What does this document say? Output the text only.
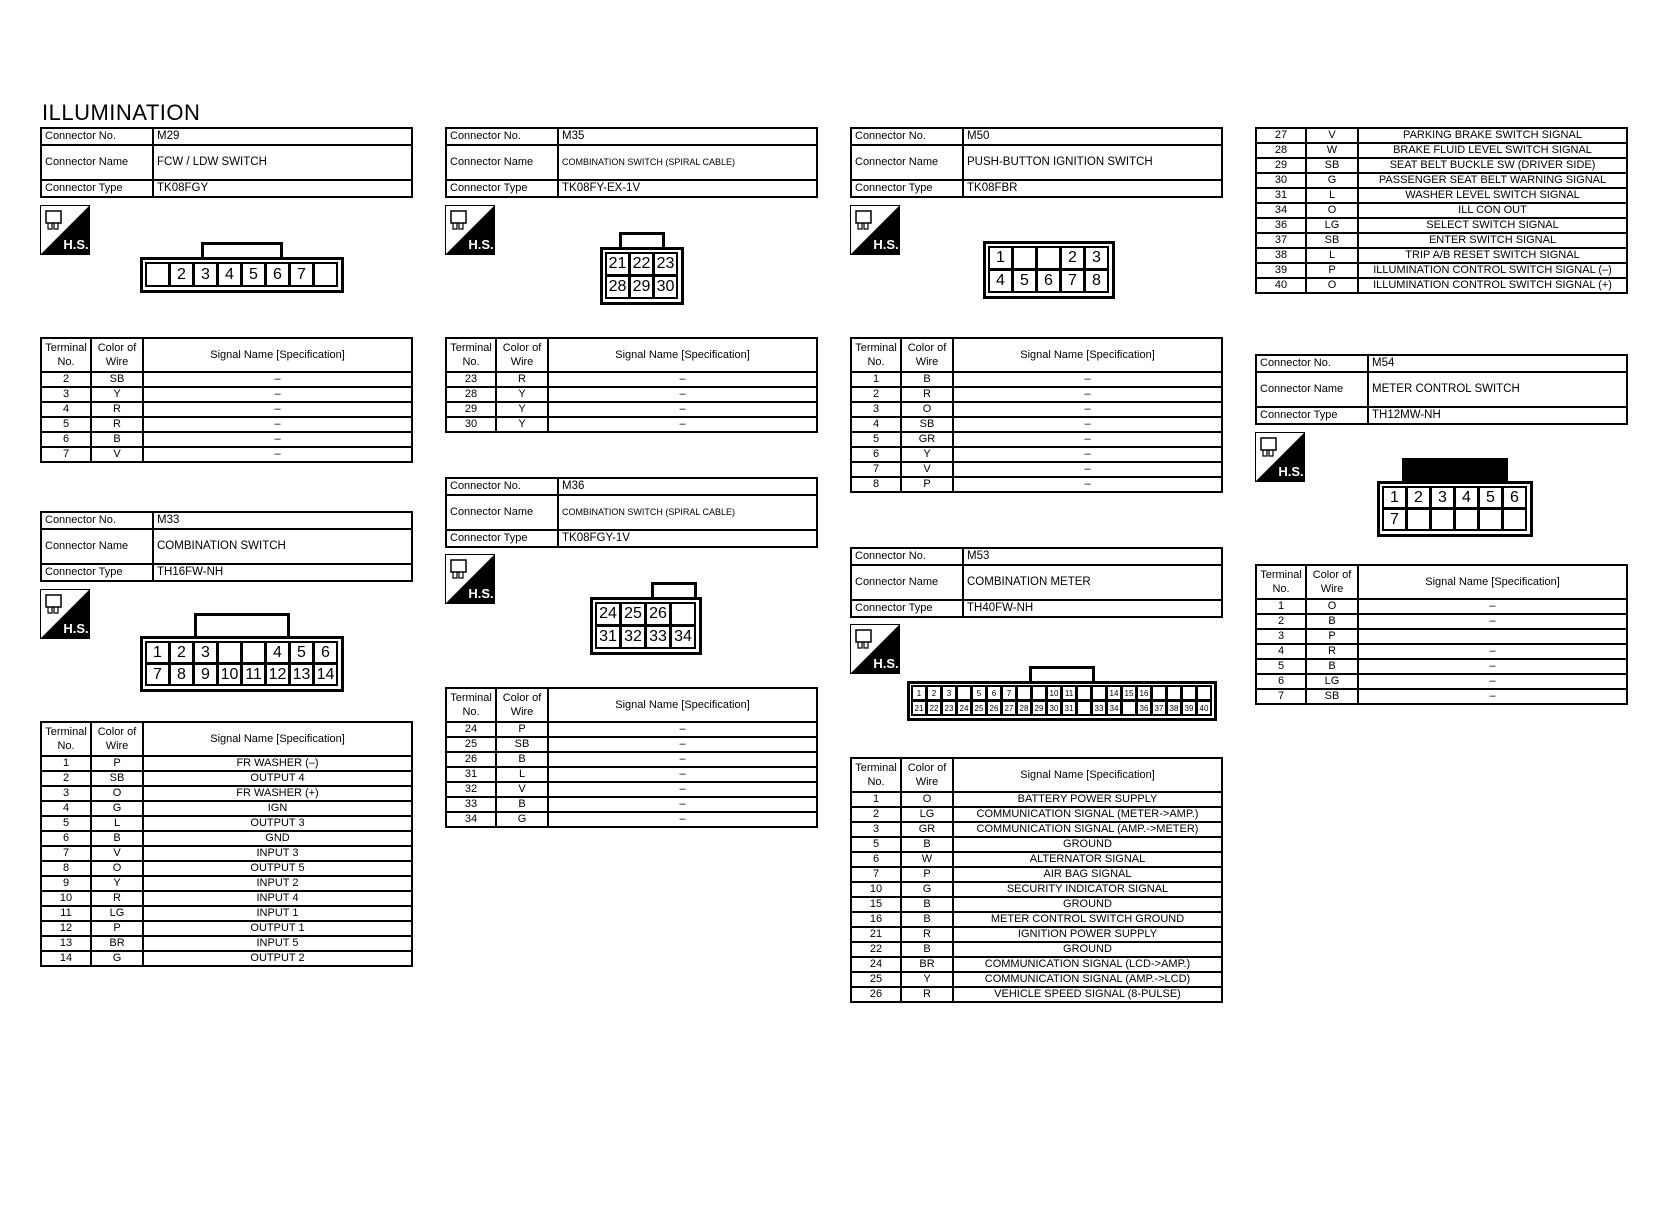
ILLUMINATION
Connector No.	M29
Connector Name	FCW / LDW SWITCH
Connector Type	TK08FGY
H.S.
2 3 4 5 6 7
Terminal No.	Color of Wire	Signal Name [Specification]
2	SB	–
3	Y	–
4	R	–
5	R	–
6	B	–
7	V	–
Connector No.	M33
Connector Name	COMBINATION SWITCH
Connector Type	TH16FW-NH
H.S.
1 2 3	4 5 6
7 8 9 10 11 12 13 14
Terminal No.	Color of Wire	Signal Name [Specification]
1	P	FR WASHER (–)
2	SB	OUTPUT 4
3	O	FR WASHER (+)
4	G	IGN
5	L	OUTPUT 3
6	B	GND
7	V	INPUT 3
8	O	OUTPUT 5
9	Y	INPUT 2
10	R	INPUT 4
11	LG	INPUT 1
12	P	OUTPUT 1
13	BR	INPUT 5
14	G	OUTPUT 2
Connector No.	M35
Connector Name	COMBINATION SWITCH (SPIRAL CABLE)
Connector Type	TK08FY-EX-1V
H.S.
21 22 23
28 29 30
Terminal No.	Color of Wire	Signal Name [Specification]
23	R	–
28	Y	–
29	Y	–
30	Y	–
Connector No.	M36
Connector Name	COMBINATION SWITCH (SPIRAL CABLE)
Connector Type	TK08FGY-1V
H.S.
24 25 26
31 32 33 34
Terminal No.	Color of Wire	Signal Name [Specification]
24	P	–
25	SB	–
26	B	–
31	L	–
32	V	–
33	B	–
34	G	–
Connector No.	M50
Connector Name	PUSH-BUTTON IGNITION SWITCH
Connector Type	TK08FBR
H.S.
1	2 3
4 5 6 7 8
Terminal No.	Color of Wire	Signal Name [Specification]
1	B	–
2	R	–
3	O	–
4	SB	–
5	GR	–
6	Y	–
7	V	–
8	P	–
Connector No.	M53
Connector Name	COMBINATION METER
Connector Type	TH40FW-NH
H.S.
1	2	3	5	6	7	10 11	14 15 16
21 22 23 24 25 26 27 28 29 30 31	33 34	36 37 38 39 40
Terminal No.	Color of Wire	Signal Name [Specification]
1	O	BATTERY POWER SUPPLY
2	LG	COMMUNICATION SIGNAL (METER->AMP.)
3	GR	COMMUNICATION SIGNAL (AMP.->METER)
5	B	GROUND
6	W	ALTERNATOR SIGNAL
7	P	AIR BAG SIGNAL
10	G	SECURITY INDICATOR SIGNAL
15	B	GROUND
16	B	METER CONTROL SWITCH GROUND
21	R	IGNITION POWER SUPPLY
22	B	GROUND
24	BR	COMMUNICATION SIGNAL (LCD->AMP.)
25	Y	COMMUNICATION SIGNAL (AMP.->LCD)
26	R	VEHICLE SPEED SIGNAL (8-PULSE)
27	V	PARKING BRAKE SWITCH SIGNAL
28	W	BRAKE FLUID LEVEL SWITCH SIGNAL
29	SB	SEAT BELT BUCKLE SW (DRIVER SIDE)
30	G	PASSENGER SEAT BELT WARNING SIGNAL
31	L	WASHER LEVEL SWITCH SIGNAL
34	O	ILL CON OUT
36	LG	SELECT SWITCH SIGNAL
37	SB	ENTER SWITCH SIGNAL
38	L	TRIP A/B RESET SWITCH SIGNAL
39	P	ILLUMINATION CONTROL SWITCH SIGNAL (–)
40	O	ILLUMINATION CONTROL SWITCH SIGNAL (+)
Connector No.	M54
Connector Name	METER CONTROL SWITCH
Connector Type	TH12MW-NH
H.S.
1 2 3 4 5 6
7
Terminal No.	Color of Wire	Signal Name [Specification]
1	O	–
2	B	–
3	P	
4	R	–
5	B	–
6	LG	–
7	SB	–
